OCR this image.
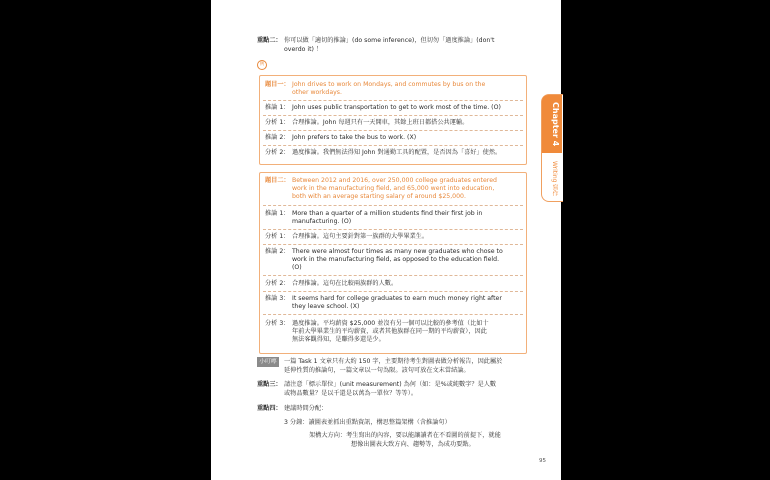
重點二： 你可以做「適切的推論」(do some inference)，但切勿「過度推論」(don't
overdo it) ！
例
題目一： John drives to work on Mondays, and commutes by bus on the
other workdays.
推論 1： John uses public transportation to get to work most of the time. (O)
分析 1： 合理推論。John 每週只有一天開車，其餘上班日都搭公共運輸。
推論 2： John prefers to take the bus to work. (X)
分析 2： 過度推論。我們無法得知 John 對通勤工具的配置，是否因為「喜好」使然。
題目二： Between 2012 and 2016, over 250,000 college graduates entered
work in the manufacturing field, and 65,000 went into education,
both with an average starting salary of around $25,000.
推論 1： More than a quarter of a million students find their first job in
manufacturing. (O)
分析 1： 合理推論。這句主要針對第一族群的大學畢業生。
推論 2： There were almost four times as many new graduates who chose to
work in the manufacturing field, as opposed to the education field.
(O)
分析 2： 合理推論。這句在比較兩族群的人數。
推論 3： It seems hard for college graduates to earn much money right after
they leave school. (X)
分析 3： 過度推論。平均薪資 $25,000 並沒有另一個可以比較的參考值（比如十
年前大學畢業生的平均薪資，或者其他族群在同一期的平均薪資），因此
無法客觀得知，是賺得多還是少。
小叮嚀	一篇 Task 1 文章只有大約 150 字，主要期待考生對圖表做分析報告，因此屬於
延伸性質的推論句，一篇文章以一句為限。該句可放在文末當結論。
重點三： 請注意「標示單位」(unit measurement) 為何（如：是%或純數字？是人數
或物品數量？是以千還是以萬為一單位？等等）。
重點四： 建議時間分配：
3 分鐘：讀圖表並抓出重點資訊，構思整篇架構（含推論句）
架構大方向：考生寫出的內容，要以能讓讀者在不看圖的前提下，就能
想像出圖表大致方向、趨勢等，為成功要點。
95
Chapter 4
Writing 寫作
